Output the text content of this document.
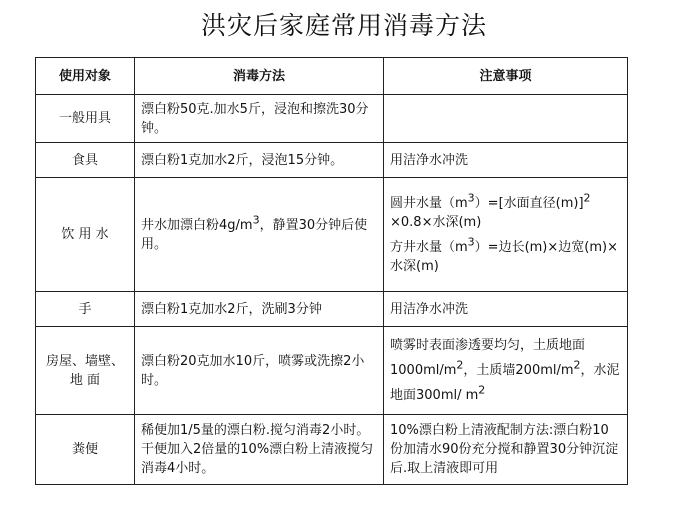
洪灾后家庭常用消毒方法
使用对象	消毒方法	注意事项
一般用具	漂白粉50克.加水5斤，浸泡和擦洗30分钟。	
食具	漂白粉1克加水2斤，浸泡15分钟。	用洁净水冲洗
饮 用 水	井水加漂白粉$4g/m^3$，静置30分钟后使用。	圆井水量$(m^3)=$[水面直径(m)]$^2$
×0.8×水深(m)
方井水量$(m^3)=$边长(m)×边宽(m)×水深(m)

手	漂白粉1克加水2斤，洗刷3分钟	用洁净水冲洗
房屋、墙壁、地 面	漂白粉20克加水10斤，喷雾或洗擦2小时。	喷雾时表面渗透要均匀，土质地面$1000ml/m^2$，土质墙$200ml/m^2$，水泥地面300ml/ $m^2$
粪便	稀便加1/5量的漂白粉.搅匀消毒2小时。干便加入2倍量的10%漂白粉上清液搅匀消毒4小时。	10%漂白粉上清液配制方法:漂白粉10份加清水90份充分搅和静置30分钟沉淀后.取上清液即可用
